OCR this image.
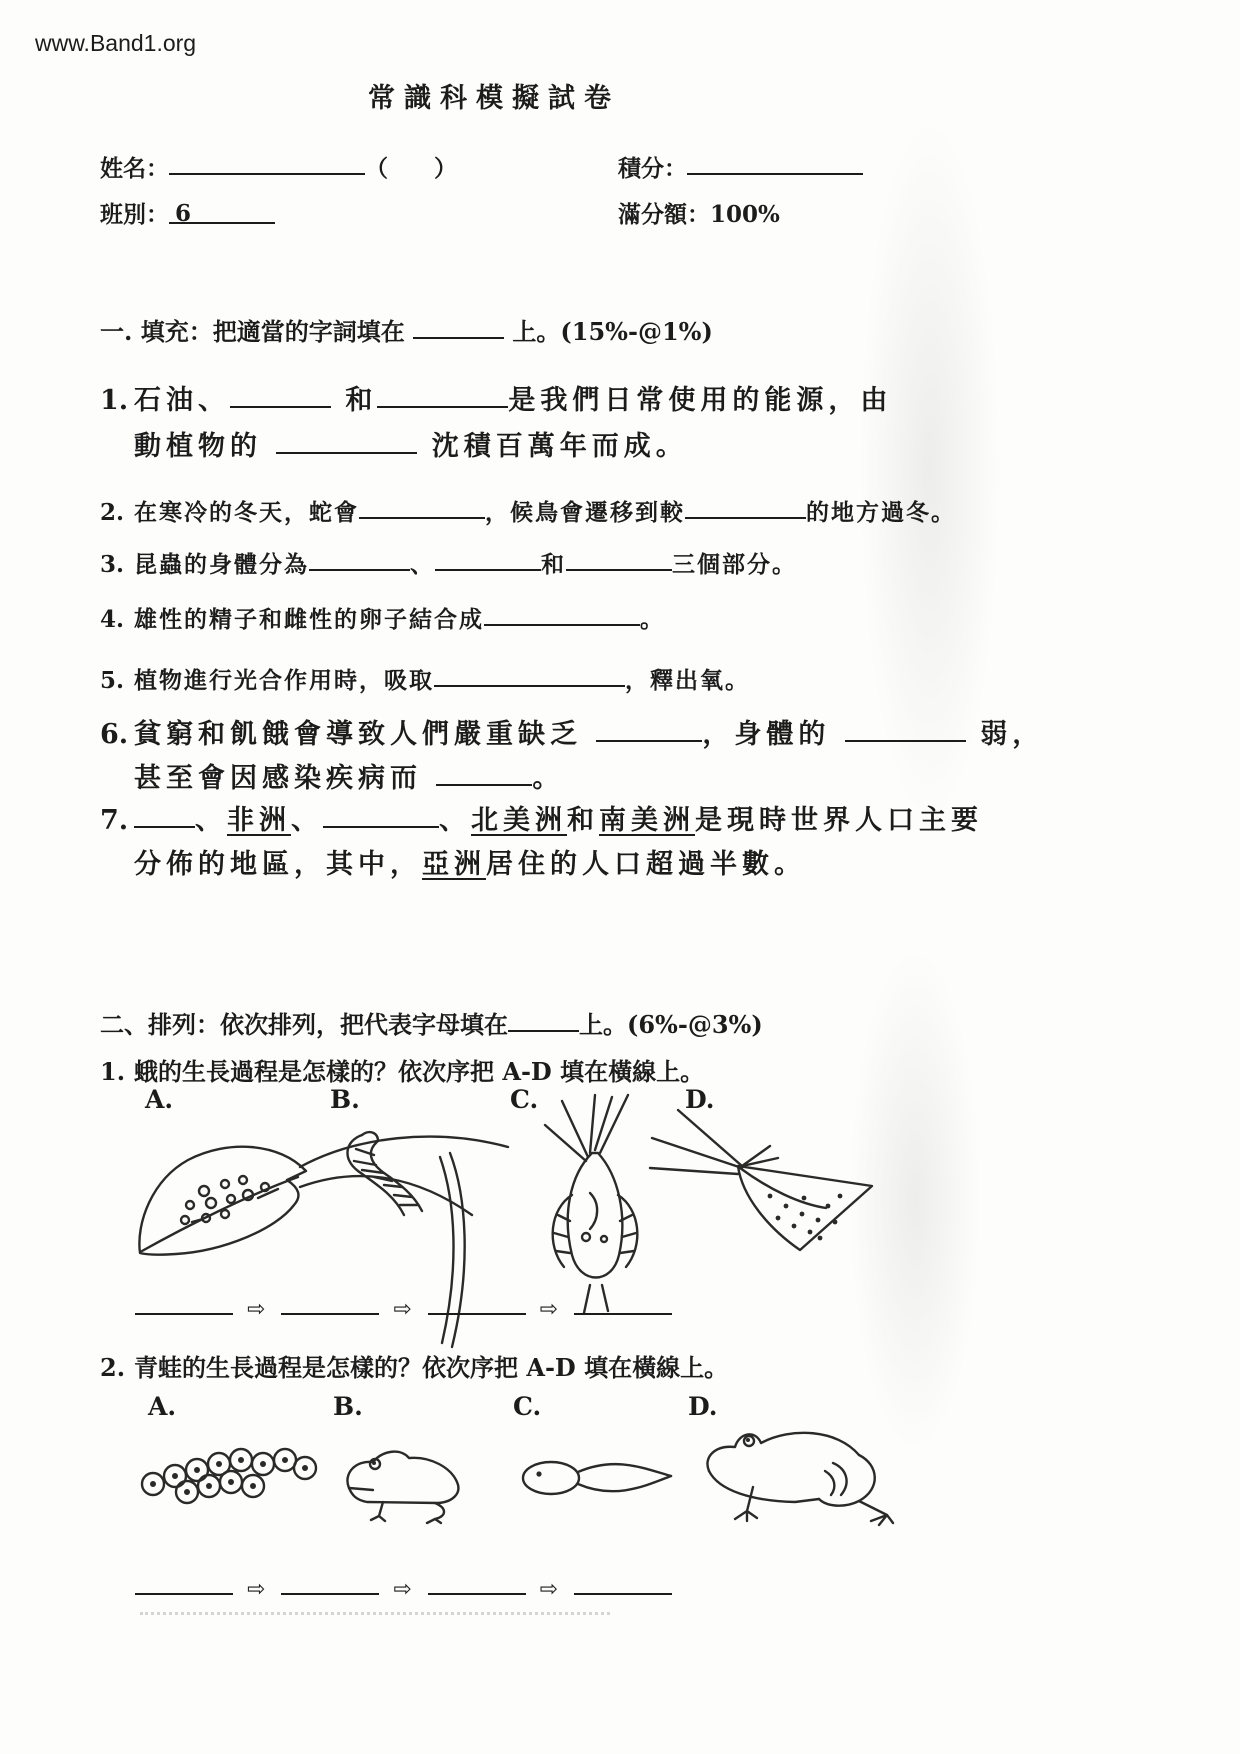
www.Band1.org
常識科模擬試卷
姓名：	（　　）
班別： 6
積分：
滿分額：100%
一. 填充：把適當的字詞填在	上。(15%-@1%)
1. 石油、	和	是我們日常使用的能源，由
動植物的	沈積百萬年而成。
2. 在寒冷的冬天，蛇會	，候鳥會遷移到較	的地方過冬。
3. 昆蟲的身體分為	、	和	三個部分。
4. 雄性的精子和雌性的卵子結合成	。
5. 植物進行光合作用時，吸取	，釋出氧。
6. 貧窮和飢餓會導致人們嚴重缺乏	，身體的	弱，
甚至會因感染疾病而	。
7. 、非洲、	、北美洲和南美洲是現時世界人口主要
分佈的地區，其中，亞洲居住的人口超過半數。
二、排列：依次排列，把代表字母填在	上。(6%-@3%)
1. 蛾的生長過程是怎樣的？依次序把 A-D 填在橫線上。
A.	B.	C.	D.
⇨	⇨	⇨
2. 青蛙的生長過程是怎樣的？依次序把 A-D 填在橫線上。
A.	B.	C.	D.
⇨	⇨	⇨
